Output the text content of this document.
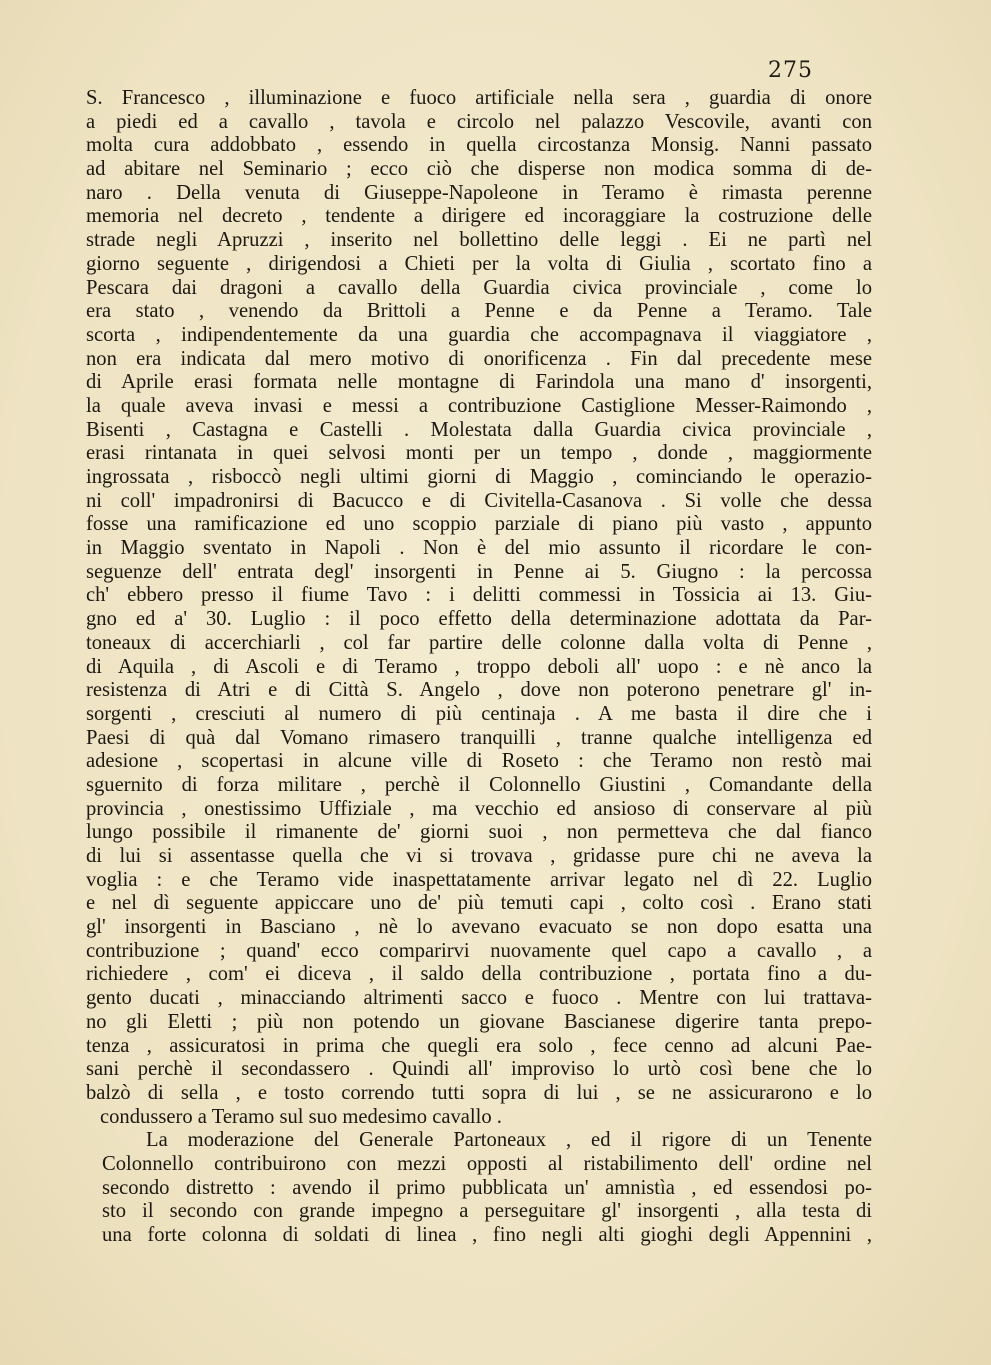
275
S. Francesco , illuminazione e fuoco artificiale nella sera , guardia di onore
a piedi ed a cavallo , tavola e circolo nel palazzo Vescovile, avanti con
molta cura addobbato , essendo in quella circostanza Monsig. Nanni passato
ad abitare nel Seminario ; ecco ciò che disperse non modica somma di de-
naro . Della venuta di Giuseppe-Napoleone in Teramo è rimasta perenne
memoria nel decreto , tendente a dirigere ed incoraggiare la costruzione delle
strade negli Apruzzi , inserito nel bollettino delle leggi . Ei ne partì nel
giorno seguente , dirigendosi a Chieti per la volta di Giulia , scortato fino a
Pescara dai dragoni a cavallo della Guardia civica provinciale , come lo
era stato , venendo da Brittoli a Penne e da Penne a Teramo. Tale
scorta , indipendentemente da una guardia che accompagnava il viaggiatore ,
non era indicata dal mero motivo di onorificenza . Fin dal precedente mese
di Aprile erasi formata nelle montagne di Farindola una mano d' insorgenti,
la quale aveva invasi e messi a contribuzione Castiglione Messer-Raimondo ,
Bisenti , Castagna e Castelli . Molestata dalla Guardia civica provinciale ,
erasi rintanata in quei selvosi monti per un tempo , donde , maggiormente
ingrossata , risboccò negli ultimi giorni di Maggio , cominciando le operazio-
ni coll' impadronirsi di Bacucco e di Civitella-Casanova . Si volle che dessa
fosse una ramificazione ed uno scoppio parziale di piano più vasto , appunto
in Maggio sventato in Napoli . Non è del mio assunto il ricordare le con-
seguenze dell' entrata degl' insorgenti in Penne ai 5. Giugno : la percossa
ch' ebbero presso il fiume Tavo : i delitti commessi in Tossicia ai 13. Giu-
gno ed a' 30. Luglio : il poco effetto della determinazione adottata da Par-
toneaux di accerchiarli , col far partire delle colonne dalla volta di Penne ,
di Aquila , di Ascoli e di Teramo , troppo deboli all' uopo : e nè anco la
resistenza di Atri e di Città S. Angelo , dove non poterono penetrare gl' in-
sorgenti , cresciuti al numero di più centinaja . A me basta il dire che i
Paesi di quà dal Vomano rimasero tranquilli , tranne qualche intelligenza ed
adesione , scopertasi in alcune ville di Roseto : che Teramo non restò mai
sguernito di forza militare , perchè il Colonnello Giustini , Comandante della
provincia , onestissimo Uffiziale , ma vecchio ed ansioso di conservare al più
lungo possibile il rimanente de' giorni suoi , non permetteva che dal fianco
di lui si assentasse quella che vi si trovava , gridasse pure chi ne aveva la
voglia : e che Teramo vide inaspettatamente arrivar legato nel dì 22. Luglio
e nel dì seguente appiccare uno de' più temuti capi , colto così . Erano stati
gl' insorgenti in Basciano , nè lo avevano evacuato se non dopo esatta una
contribuzione ; quand' ecco comparirvi nuovamente quel capo a cavallo , a
richiedere , com' ei diceva , il saldo della contribuzione , portata fino a du-
gento ducati , minacciando altrimenti sacco e fuoco . Mentre con lui trattava-
no gli Eletti ; più non potendo un giovane Bascianese digerire tanta prepo-
tenza , assicuratosi in prima che quegli era solo , fece cenno ad alcuni Pae-
sani perchè il secondassero . Quindi all' improviso lo urtò così bene che lo
balzò di sella , e tosto correndo tutti sopra di lui , se ne assicurarono e lo
condussero a Teramo sul suo medesimo cavallo .
La moderazione del Generale Partoneaux , ed il rigore di un Tenente
Colonnello contribuirono con mezzi opposti al ristabilimento dell' ordine nel
secondo distretto : avendo il primo pubblicata un' amnistìa , ed essendosi po-
sto il secondo con grande impegno a perseguitare gl' insorgenti , alla testa di
una forte colonna di soldati di linea , fino negli alti gioghi degli Appennini ,
